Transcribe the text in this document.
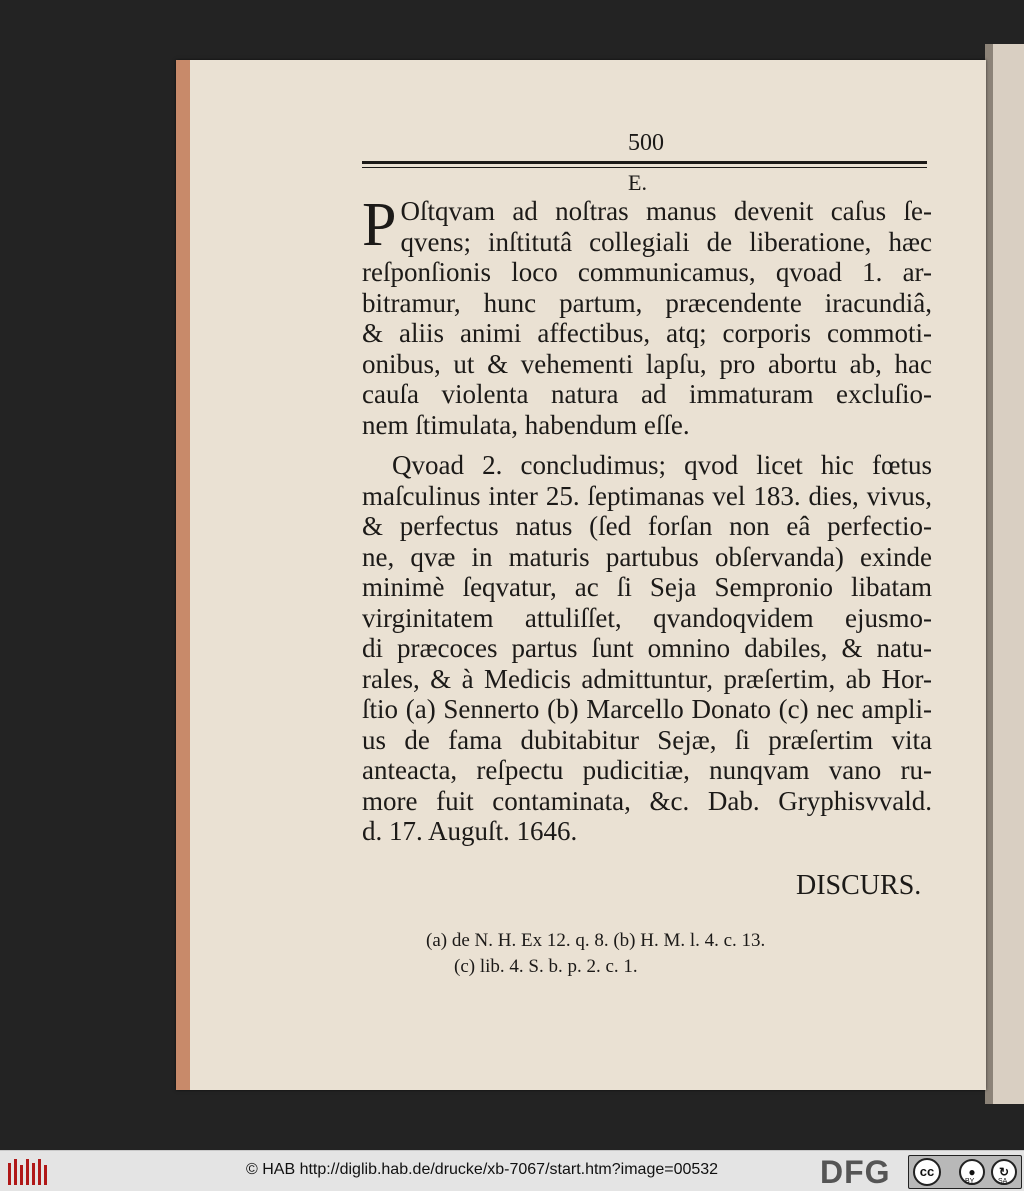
500
E.
P Oſtqvam ad noſtras manus devenit caſus ſe-
qvens; inſtitutâ collegiali de liberatione, hæc
reſponſionis loco communicamus, qvoad 1. ar-
bitramur, hunc partum, præcendente iracundiâ,
& aliis animi affectibus, atq; corporis commoti-
onibus, ut & vehementi lapſu, pro abortu ab, hac
cauſa violenta natura ad immaturam excluſio-
nem ſtimulata, habendum eſſe.
Qvoad 2. concludimus; qvod licet hic fœtus
maſculinus inter 25. ſeptimanas vel 183. dies, vivus,
& perfectus natus (ſed forſan non eâ perfectio-
ne, qvæ in maturis partubus obſervanda) exinde
minimè ſeqvatur, ac ſi Seja Sempronio libatam
virginitatem attuliſſet, qvandoqvidem ejusmo-
di præcoces partus ſunt omnino dabiles, & natu-
rales, & à Medicis admittuntur, præſertim, ab Hor-
ſtio (a) Sennerto (b) Marcello Donato (c) nec ampli-
us de fama dubitabitur Sejæ, ſi præſertim vita
anteacta, reſpectu pudicitiæ, nunqvam vano ru-
more fuit contaminata, &c. Dab. Gryphisvvald.
d. 17. Auguſt. 1646.
DISCURS.
(a) de N. H. Ex 12. q. 8. (b) H. M. l. 4. c. 13.
(c) lib. 4. S. b. p. 2. c. 1.
© HAB http://diglib.hab.de/drucke/xb-7067/start.htm?image=00532	DFG	cc	●	↻
BY	SA
